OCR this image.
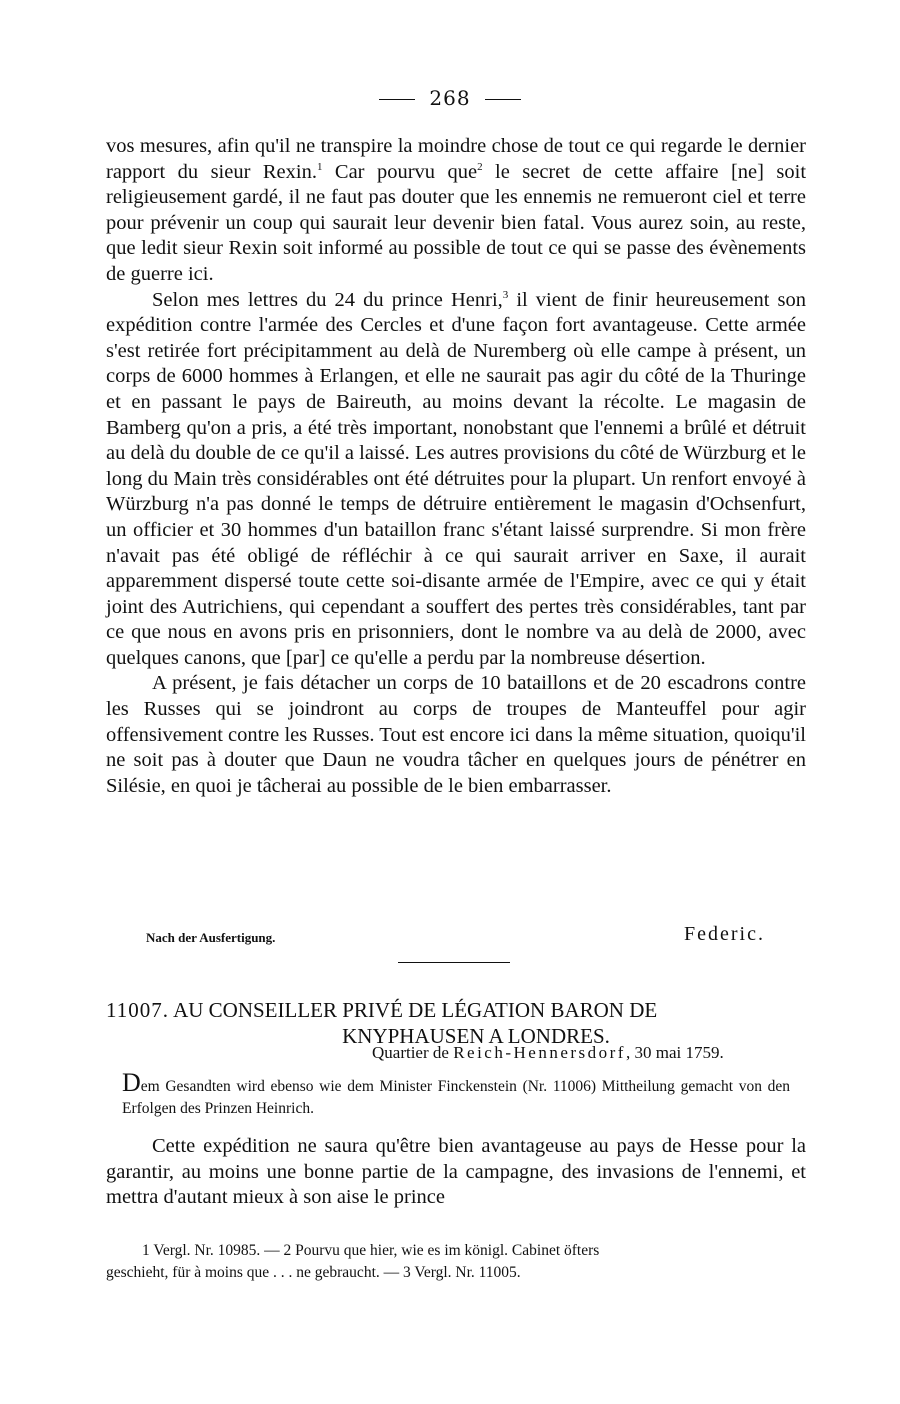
268

vos mesures, afin qu'il ne transpire la moindre chose de tout ce qui regarde le dernier rapport du sieur Rexin.$^1$ Car pourvu que$^2$ le secret de cette affaire [ne] soit religieusement gardé, il ne faut pas douter que les ennemis ne remueront ciel et terre pour prévenir un coup qui saurait leur devenir bien fatal. Vous aurez soin, au reste, que ledit sieur Rexin soit informé au possible de tout ce qui se passe des évènements de guerre ici.

Selon mes lettres du 24 du prince Henri,$^3$ il vient de finir heureusement son expédition contre l'armée des Cercles et d'une façon fort avantageuse. Cette armée s'est retirée fort précipitamment au delà de Nuremberg où elle campe à présent, un corps de 6000 hommes à Erlangen, et elle ne saurait pas agir du côté de la Thuringe et en passant le pays de Baireuth, au moins devant la récolte. Le magasin de Bamberg qu'on a pris, a été très important, nonobstant que l'ennemi a brûlé et détruit au delà du double de ce qu'il a laissé. Les autres provisions du côté de Würzburg et le long du Main très considérables ont été détruites pour la plupart. Un renfort envoyé à Würzburg n'a pas donné le temps de détruire entièrement le magasin d'Ochsenfurt, un officier et 30 hommes d'un bataillon franc s'étant laissé surprendre. Si mon frère n'avait pas été obligé de réfléchir à ce qui saurait arriver en Saxe, il aurait apparemment dispersé toute cette soi-disante armée de l'Empire, avec ce qui y était joint des Autrichiens, qui cependant a souffert des pertes très considérables, tant par ce que nous en avons pris en prisonniers, dont le nombre va au delà de 2000, avec quelques canons, que [par] ce qu'elle a perdu par la nombreuse désertion.

A présent, je fais détacher un corps de 10 bataillons et de 20 escadrons contre les Russes qui se joindront au corps de troupes de Manteuffel pour agir offensivement contre les Russes. Tout est encore ici dans la même situation, quoiqu'il ne soit pas à douter que Daun ne voudra tâcher en quelques jours de pénétrer en Silésie, en quoi je tâcherai au possible de le bien embarrasser.

Nach der Ausfertigung.	Federic.
11007. AU CONSEILLER PRIVÉ DE LÉGATION BARON DE
KNYPHAUSEN A LONDRES.
Quartier de Reich-Hennersdorf, 30 mai 1759.
Dem Gesandten wird ebenso wie dem Minister Finckenstein (Nr. 11006) Mittheilung gemacht von den Erfolgen des Prinzen Heinrich.

Cette expédition ne saura qu'être bien avantageuse au pays de Hesse pour la garantir, au moins une bonne partie de la campagne, des invasions de l'ennemi, et mettra d'autant mieux à son aise le prince

1 Vergl. Nr. 10985. — 2 Pourvu que hier, wie es im königl. Cabinet öfters
geschieht, für à moins que . . . ne gebraucht. — 3 Vergl. Nr. 11005.
